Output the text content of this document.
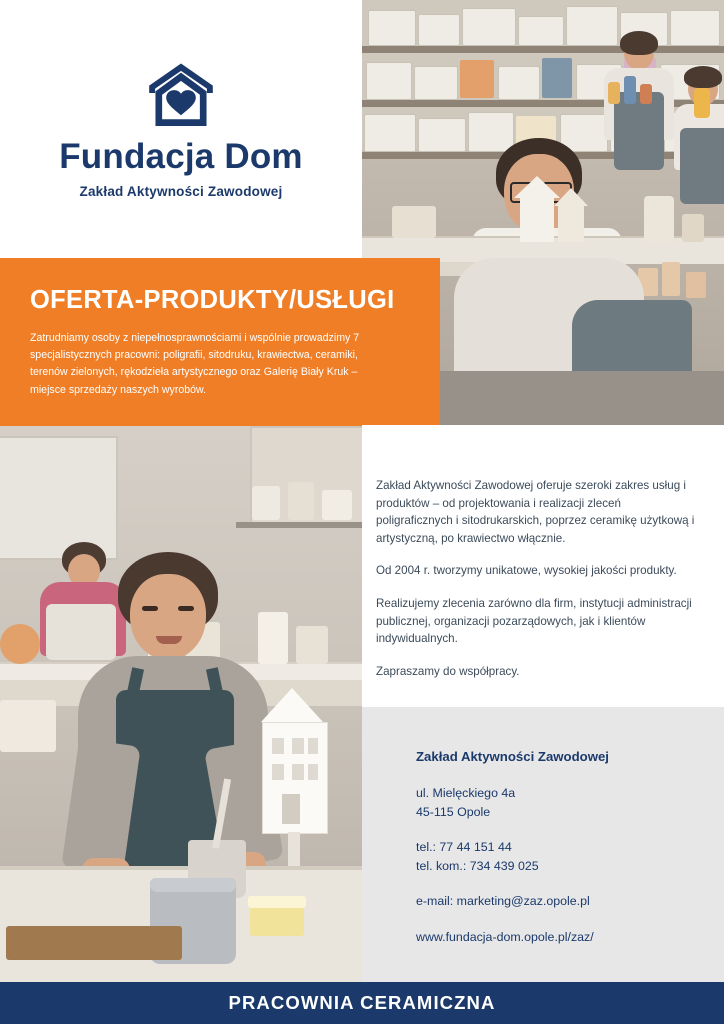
Fundacja Dom
Zakład Aktywności Zawodowej
OFERTA-PRODUKTY/USŁUGI

Zatrudniamy osoby z niepełnosprawnościami i wspólnie prowadzimy 7 specjalistycznych pracowni: poligrafii, sitodruku, krawiectwa, ceramiki, terenów zielonych, rękodzieła artystycznego oraz Galerię Biały Kruk – miejsce sprzedaży naszych wyrobów.

Zakład Aktywności Zawodowej oferuje szeroki zakres usług i produktów – od projektowania i realizacji zleceń poligraficznych i sitodrukarskich, poprzez ceramikę użytkową i artystyczną, po krawiectwo włącznie.

Od 2004 r. tworzymy unikatowe, wysokiej jakości produkty.

Realizujemy zlecenia zarówno dla firm, instytucji administracji publicznej, organizacji pozarządowych, jak i klientów indywidualnych.

Zapraszamy do współpracy.

Zakład Aktywności Zawodowej
ul. Mielęckiego 4a
45-115 Opole
tel.: 77 44 151 44
tel. kom.: 734 439 025
e-mail: marketing@zaz.opole.pl
www.fundacja-dom.opole.pl/zaz/
PRACOWNIA CERAMICZNA
